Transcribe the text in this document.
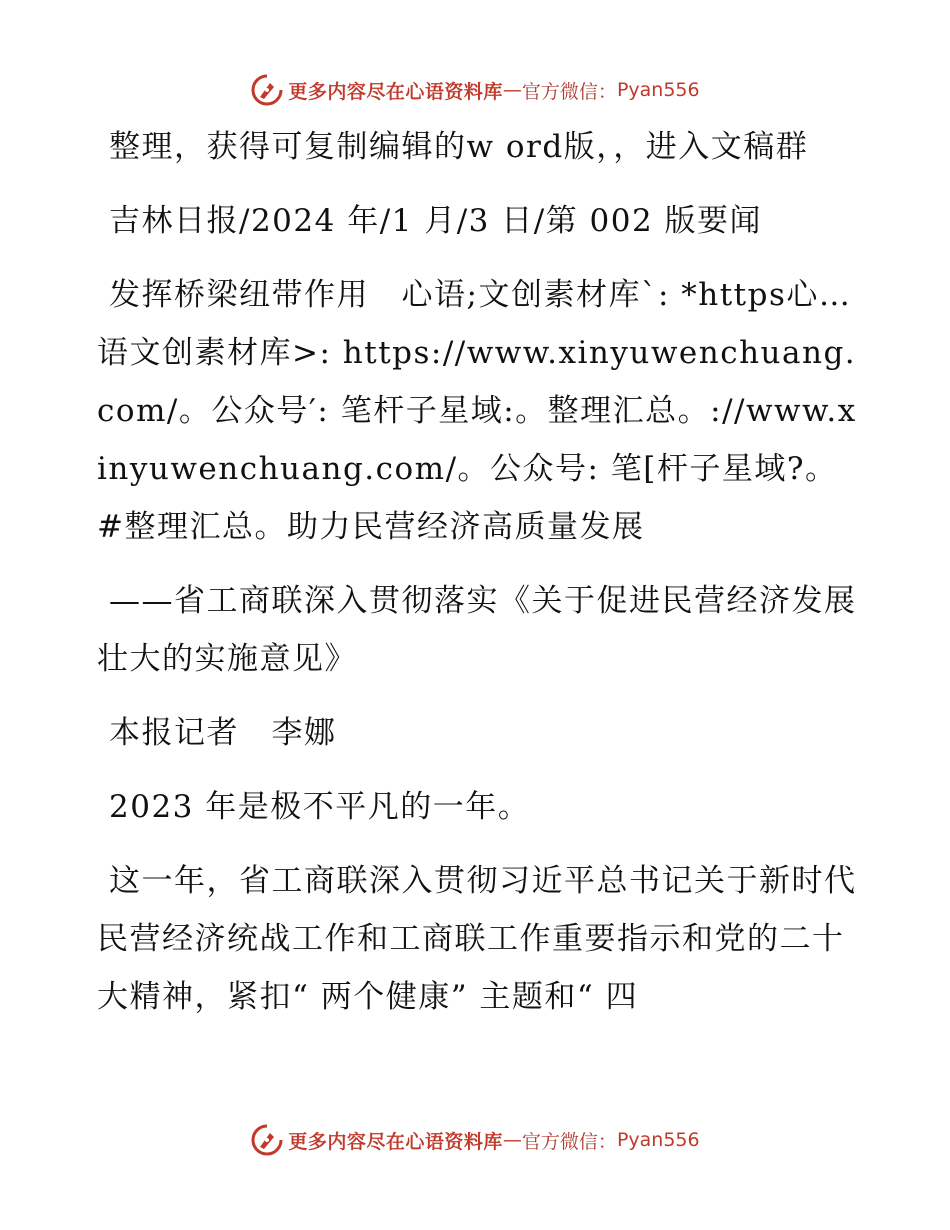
更多内容尽在心语资料库 — 官方微信： Pyan556

整理，获得可复制编辑的w ord版，，进入文稿群

吉林日报/2024 年/1 月/3 日/第 002 版要闻

发挥桥梁纽带作用　心语;文创素材库`: *https心…语文创素材库>: https://www.xinyuwenchuang.com/。公众号′: 笔杆子星域:。整理汇总。://www.xinyuwenchuang.com/。公众号: 笔[杆子星域?。#整理汇总。助力民营经济高质量发展

——省工商联深入贯彻落实《关于促进民营经济发展壮大的实施意见》

本报记者　李娜

2023 年是极不平凡的一年。

这一年，省工商联深入贯彻习近平总书记关于新时代民营经济统战工作和工商联工作重要指示和党的二十大精神，紧扣“ 两个健康” 主题和“ 四

更多内容尽在心语资料库 — 官方微信： Pyan556
